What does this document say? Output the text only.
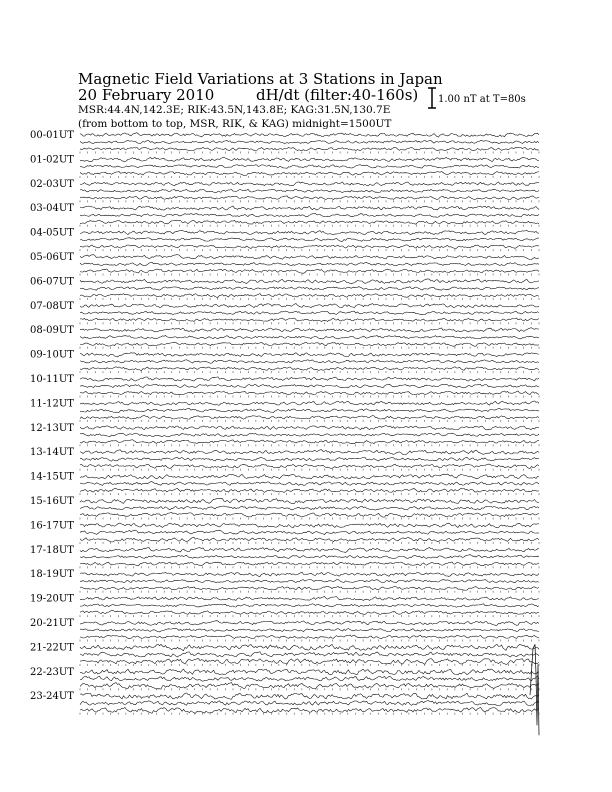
Magnetic Field Variations at 3 Stations in Japan
20 February 2010	dH/dt (filter:40-160s)
MSR:44.4N,142.3E; RIK:43.5N,143.8E; KAG:31.5N,130.7E
(from bottom to top, MSR, RIK, & KAG) midnight=1500UT
1.00 nT at T=80s
00-01UT
01-02UT
02-03UT
03-04UT
04-05UT
05-06UT
06-07UT
07-08UT
08-09UT
09-10UT
10-11UT
11-12UT
12-13UT
13-14UT
14-15UT
15-16UT
16-17UT
17-18UT
18-19UT
19-20UT
20-21UT
21-22UT
22-23UT
23-24UT
